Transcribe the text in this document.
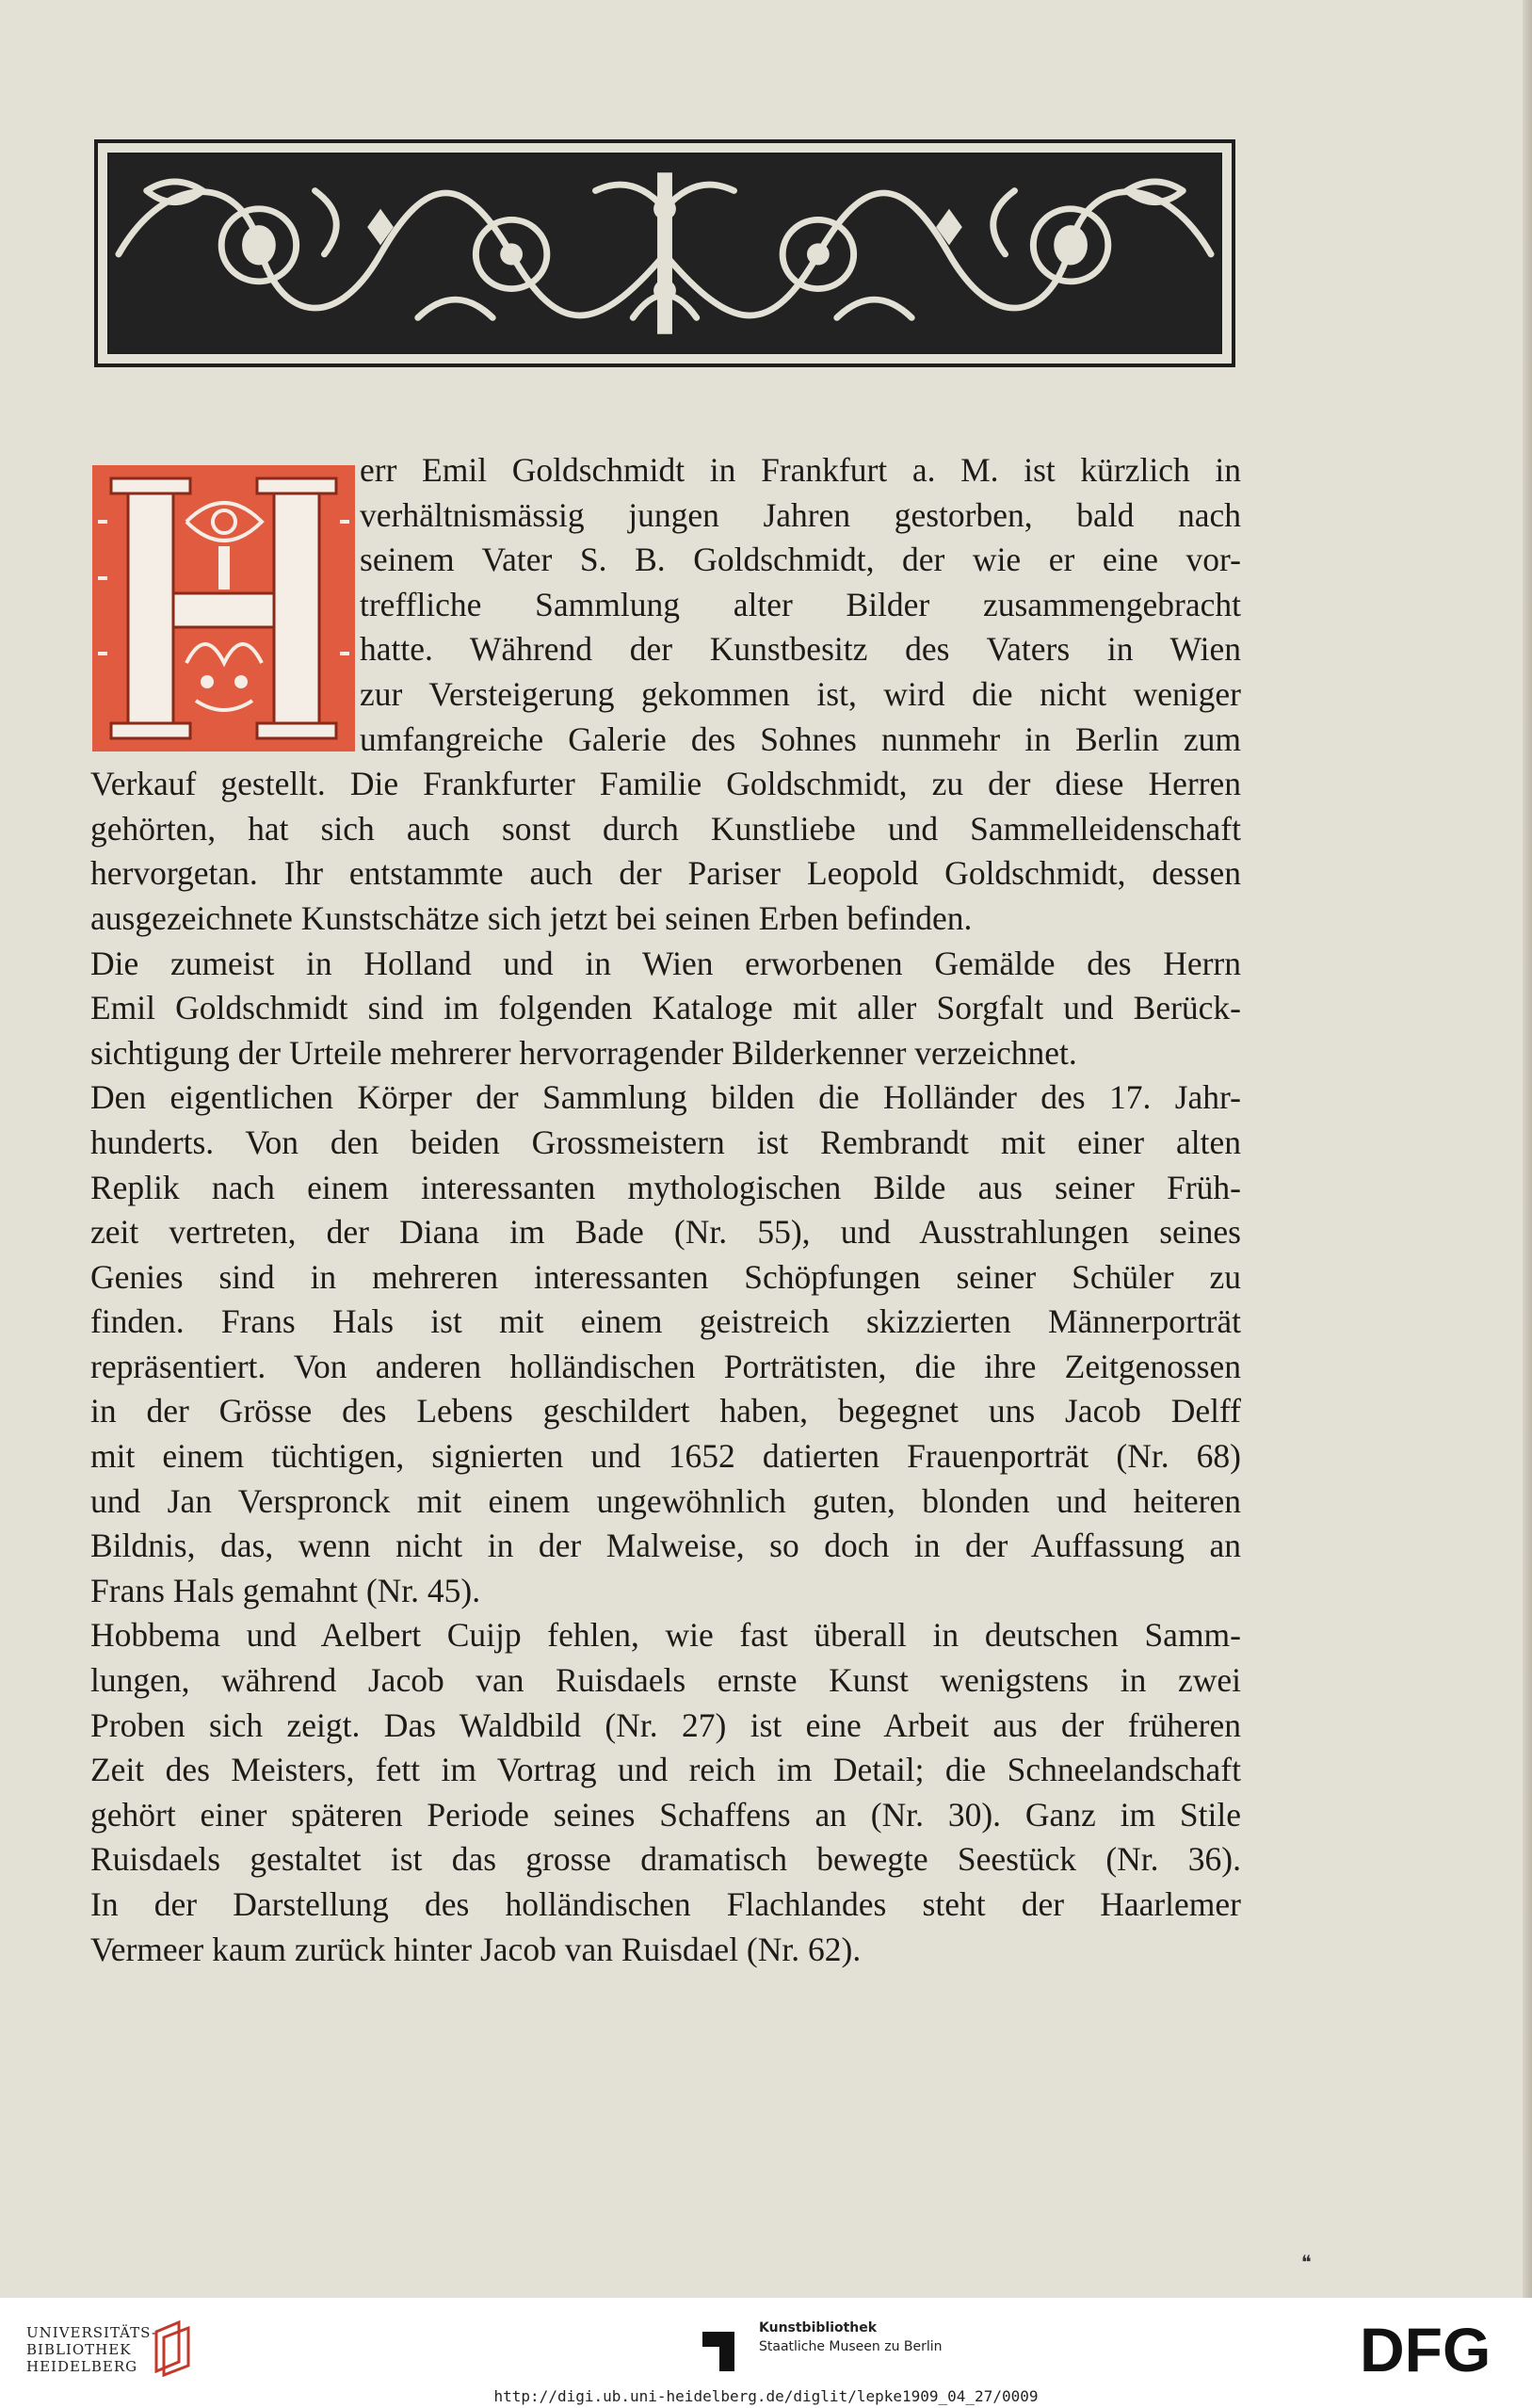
err Emil Goldschmidt in Frankfurt a. M. ist kürzlich in
verhältnismässig jungen Jahren gestorben, bald nach
seinem Vater S. B. Goldschmidt, der wie er eine vor-
treffliche Sammlung alter Bilder zusammengebracht
hatte. Während der Kunstbesitz des Vaters in Wien
zur Versteigerung gekommen ist, wird die nicht weniger
umfangreiche Galerie des Sohnes nunmehr in Berlin zum
Verkauf gestellt. Die Frankfurter Familie Goldschmidt, zu der diese Herren
gehörten, hat sich auch sonst durch Kunstliebe und Sammelleidenschaft
hervorgetan. Ihr entstammte auch der Pariser Leopold Goldschmidt, dessen
ausgezeichnete Kunstschätze sich jetzt bei seinen Erben befinden.
Die zumeist in Holland und in Wien erworbenen Gemälde des Herrn
Emil Goldschmidt sind im folgenden Kataloge mit aller Sorgfalt und Berück-
sichtigung der Urteile mehrerer hervorragender Bilderkenner verzeichnet.
Den eigentlichen Körper der Sammlung bilden die Holländer des 17. Jahr-
hunderts. Von den beiden Grossmeistern ist Rembrandt mit einer alten
Replik nach einem interessanten mythologischen Bilde aus seiner Früh-
zeit vertreten, der Diana im Bade (Nr. 55), und Ausstrahlungen seines
Genies sind in mehreren interessanten Schöpfungen seiner Schüler zu
finden. Frans Hals ist mit einem geistreich skizzierten Männerporträt
repräsentiert. Von anderen holländischen Porträtisten, die ihre Zeitgenossen
in der Grösse des Lebens geschildert haben, begegnet uns Jacob Delff
mit einem tüchtigen, signierten und 1652 datierten Frauenporträt (Nr. 68)
und Jan Verspronck mit einem ungewöhnlich guten, blonden und heiteren
Bildnis, das, wenn nicht in der Malweise, so doch in der Auffassung an
Frans Hals gemahnt (Nr. 45).
Hobbema und Aelbert Cuijp fehlen, wie fast überall in deutschen Samm-
lungen, während Jacob van Ruisdaels ernste Kunst wenigstens in zwei
Proben sich zeigt. Das Waldbild (Nr. 27) ist eine Arbeit aus der früheren
Zeit des Meisters, fett im Vortrag und reich im Detail; die Schneelandschaft
gehört einer späteren Periode seines Schaffens an (Nr. 30). Ganz im Stile
Ruisdaels gestaltet ist das grosse dramatisch bewegte Seestück (Nr. 36).
In der Darstellung des holländischen Flachlandes steht der Haarlemer
Vermeer kaum zurück hinter Jacob van Ruisdael (Nr. 62).
❝
UNIVERSITÄTS-
BIBLIOTHEK
HEIDELBERG
Kunstbibliothek
Staatliche Museen zu Berlin	DFG
http://digi.ub.uni-heidelberg.de/diglit/lepke1909_04_27/0009
